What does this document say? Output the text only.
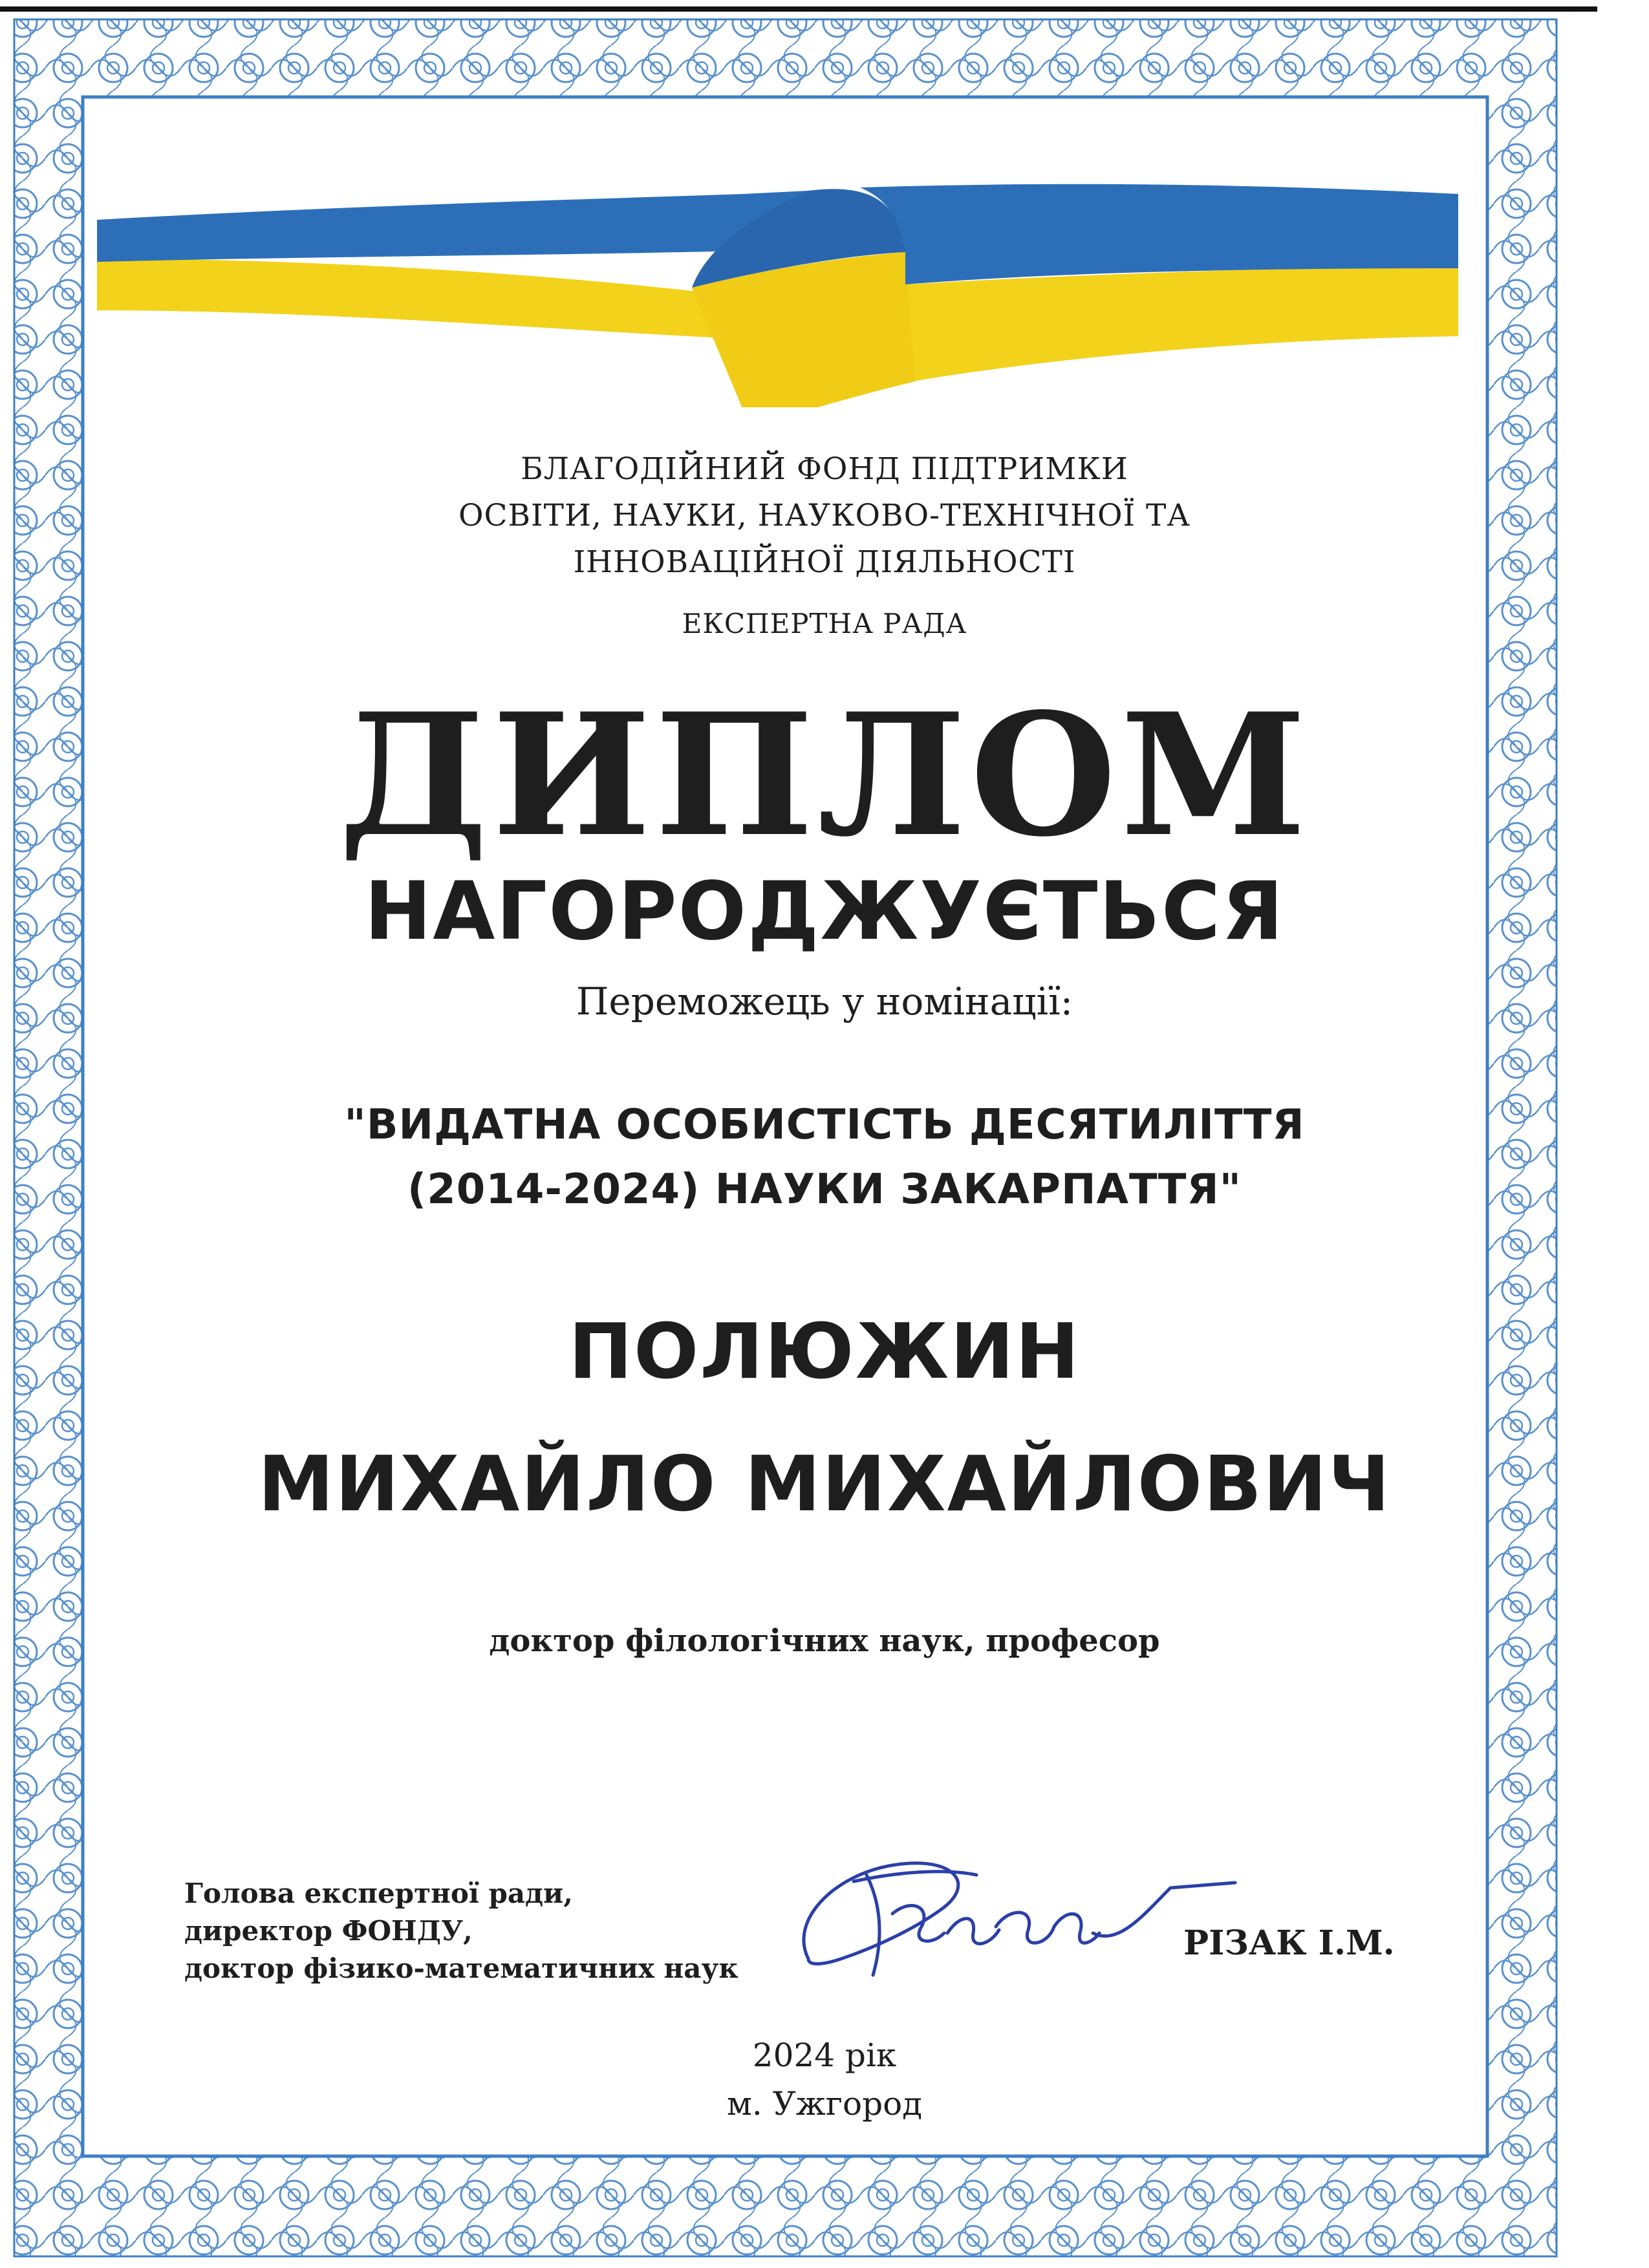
БЛАГОДІЙНИЙ ФОНД ПІДТРИМКИ
ОСВІТИ, НАУКИ, НАУКОВО-ТЕХНІЧНОЇ ТА
ІННОВАЦІЙНОЇ ДІЯЛЬНОСТІ

ЕКСПЕРТНА РАДА

ДИПЛОМ
НАГОРОДЖУЄТЬСЯ

Переможець у номінації:

"ВИДАТНА ОСОБИСТІСТЬ ДЕСЯТИЛІТТЯ
(2014-2024) НАУКИ ЗАКАРПАТТЯ"

ПОЛЮЖИН

МИХАЙЛО МИХАЙЛОВИЧ

доктор філологічних наук, професор

Голова експертної ради,
директор ФОНДУ,
доктор фізико-математичних наук

РІЗАК І.М.

2024 рік

м. Ужгород
